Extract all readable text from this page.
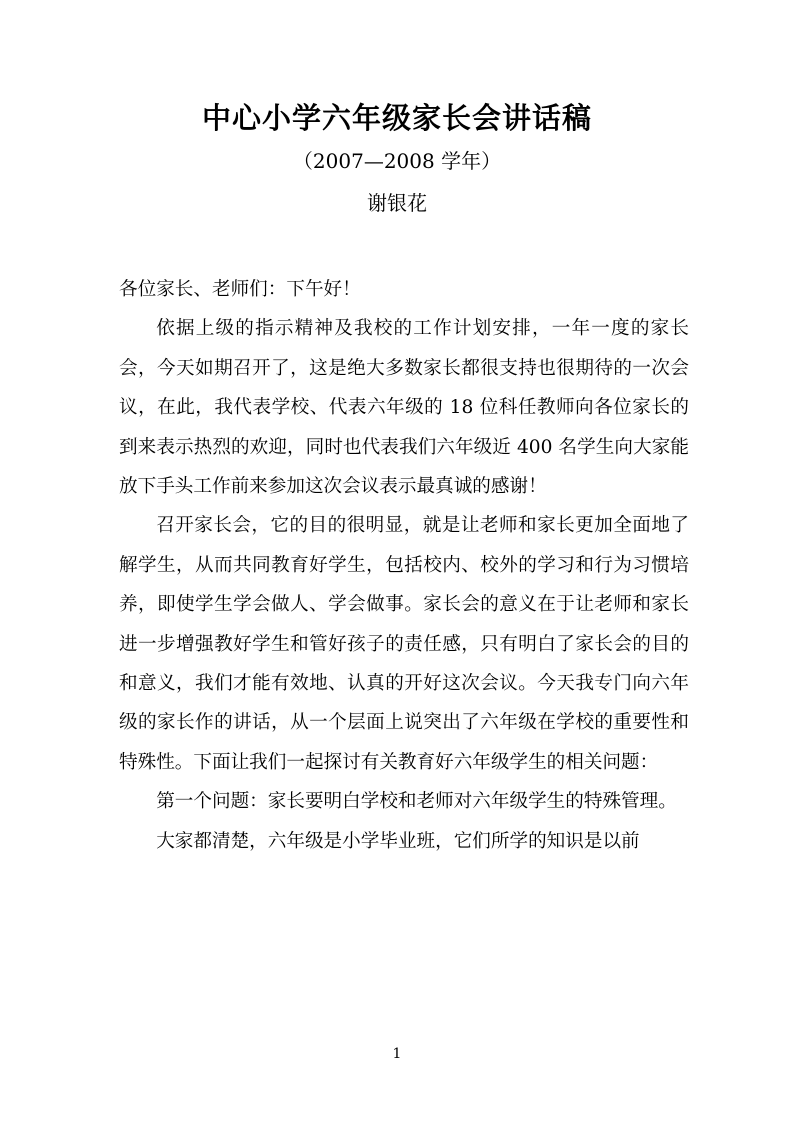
中心小学六年级家长会讲话稿
（2007—2008 学年）
谢银花

各位家长、老师们：下午好！

依据上级的指示精神及我校的工作计划安排，一年一度的家长会，今天如期召开了，这是绝大多数家长都很支持也很期待的一次会议，在此，我代表学校、代表六年级的 18 位科任教师向各位家长的到来表示热烈的欢迎，同时也代表我们六年级近 400 名学生向大家能放下手头工作前来参加这次会议表示最真诚的感谢！

召开家长会，它的目的很明显，就是让老师和家长更加全面地了解学生，从而共同教育好学生，包括校内、校外的学习和行为习惯培养，即使学生学会做人、学会做事。家长会的意义在于让老师和家长进一步增强教好学生和管好孩子的责任感，只有明白了家长会的目的和意义，我们才能有效地、认真的开好这次会议。今天我专门向六年级的家长作的讲话，从一个层面上说突出了六年级在学校的重要性和特殊性。下面让我们一起探讨有关教育好六年级学生的相关问题：

第一个问题：家长要明白学校和老师对六年级学生的特殊管理。

大家都清楚，六年级是小学毕业班，它们所学的知识是以前

1
